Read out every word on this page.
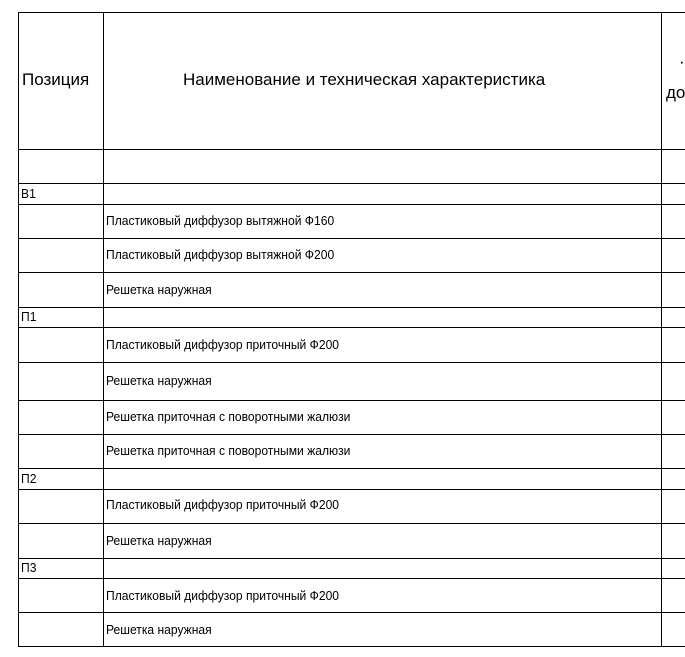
Позиция	Наименование и техническая характеристика
·
до
В1
Пластиковый диффузор вытяжной Ф160
Пластиковый диффузор вытяжной Ф200
Решетка наружная
П1
Пластиковый диффузор приточный Ф200
Решетка наружная
Решетка приточная с поворотными жалюзи
Решетка приточная с поворотными жалюзи
П2
Пластиковый диффузор приточный Ф200
Решетка наружная
П3
Пластиковый диффузор приточный Ф200
Решетка наружная
